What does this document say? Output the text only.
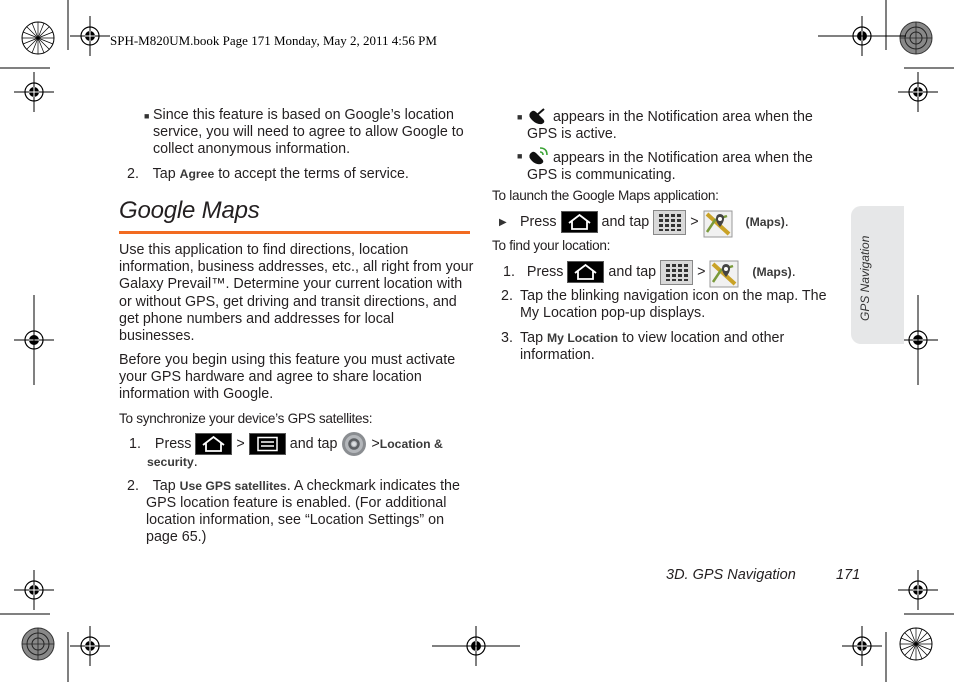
SPH-M820UM.book Page 171 Monday, May 2, 2011 4:56 PM
■ Since this feature is based on Google’s location
service, you will need to agree to allow Google to
collect anonymous information.
2. Tap Agree to accept the terms of service.
Google Maps
Use this application to find directions, location
information, business addresses, etc., all right from your
Galaxy Prevail™. Determine your current location with
or without GPS, get driving and transit directions, and
get phone numbers and addresses for local
businesses.
Before you begin using this feature you must activate
your GPS hardware and agree to share location
information with Google.
To synchronize your device’s GPS satellites:
1. Press	>	and tap >Location &
security.
2. Tap Use GPS satellites. A checkmark indicates the
GPS location feature is enabled. (For additional
location information, see “Location Settings” on
page 65.)
■	appears in the Notification area when the
GPS is active.
■	appears in the Notification area when the
GPS is communicating.
To launch the Google Maps application:
▶ Press	and tap	>	(Maps).
To find your location:
1. Press	and tap	>	(Maps).
2. Tap the blinking navigation icon on the map. The
My Location pop-up displays.
3. Tap My Location to view location and other
information.
GPS Navigation
3D. GPS Navigation	171
